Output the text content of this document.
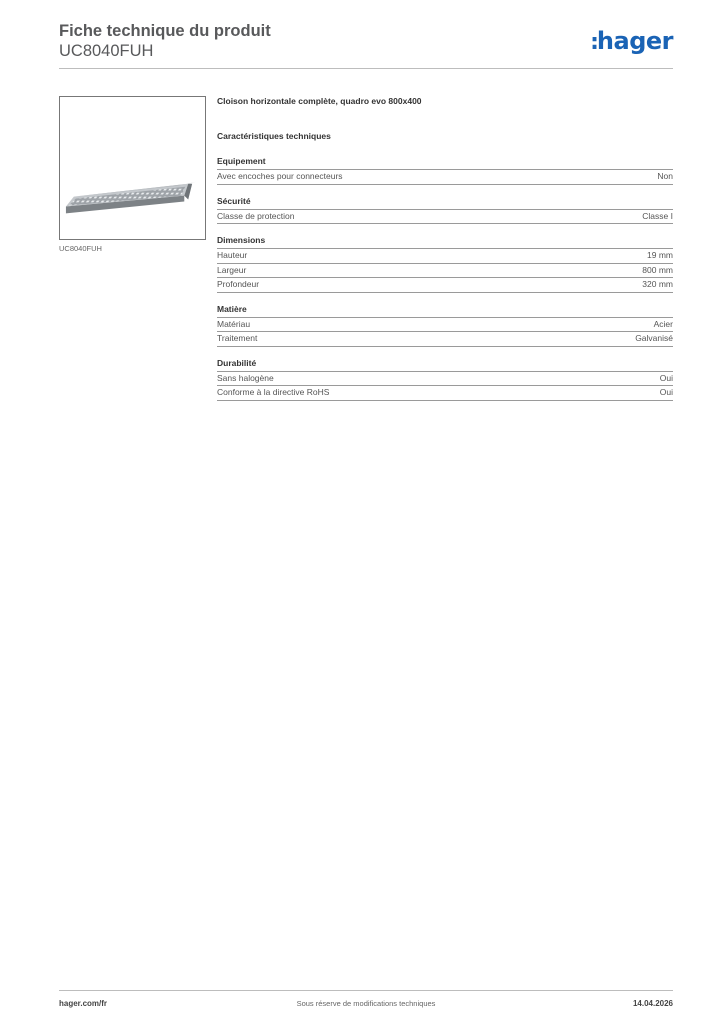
Fiche technique du produit
UC8040FUH	:hager
UC8040FUH
Cloison horizontale complète, quadro evo 800x400
Caractéristiques techniques
Equipement
Avec encoches pour connecteurs	Non
Sécurité
Classe de protection	Classe I
Dimensions
Hauteur	19 mm
Largeur	800 mm
Profondeur	320 mm
Matière
Matériau	Acier
Traitement	Galvanisé
Durabilité
Sans halogène	Oui
Conforme à la directive RoHS	Oui
hager.com/fr	Sous réserve de modifications techniques	14.04.2026
